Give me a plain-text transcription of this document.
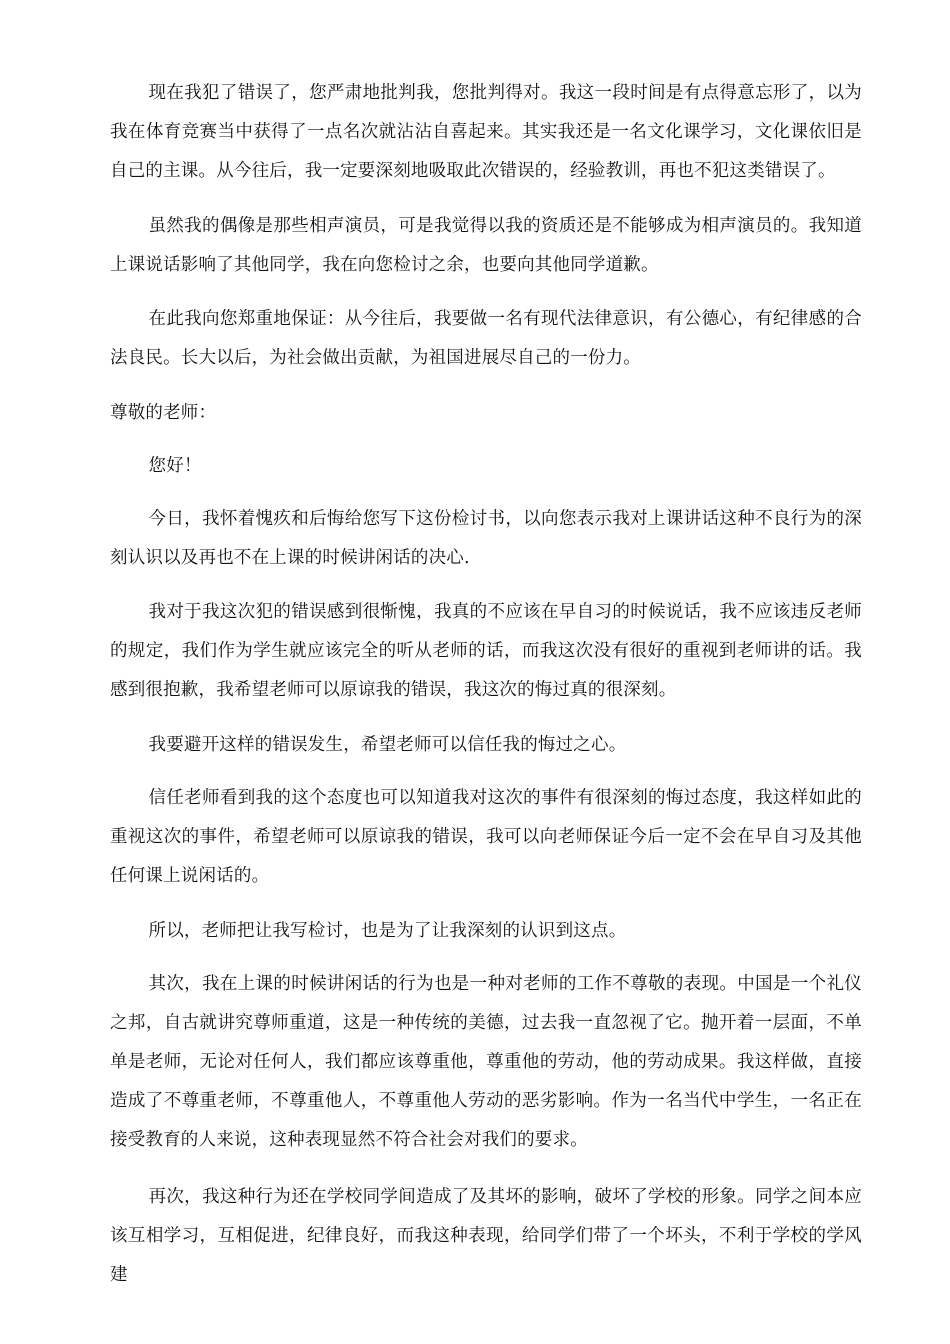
现在我犯了错误了，您严肃地批判我，您批判得对。我这一段时间是有点得意忘形了，以为我在体育竞赛当中获得了一点名次就沾沾自喜起来。其实我还是一名文化课学习，文化课依旧是自己的主课。从今往后，我一定要深刻地吸取此次错误的，经验教训，再也不犯这类错误了。

虽然我的偶像是那些相声演员，可是我觉得以我的资质还是不能够成为相声演员的。我知道上课说话影响了其他同学，我在向您检讨之余，也要向其他同学道歉。

在此我向您郑重地保证：从今往后，我要做一名有现代法律意识，有公德心，有纪律感的合法良民。长大以后，为社会做出贡献，为祖国进展尽自己的一份力。

尊敬的老师：

您好！

今日，我怀着愧疚和后悔给您写下这份检讨书，以向您表示我对上课讲话这种不良行为的深刻认识以及再也不在上课的时候讲闲话的决心.

我对于我这次犯的错误感到很惭愧，我真的不应该在早自习的时候说话，我不应该违反老师的规定，我们作为学生就应该完全的听从老师的话，而我这次没有很好的重视到老师讲的话。我感到很抱歉，我希望老师可以原谅我的错误，我这次的悔过真的很深刻。

我要避开这样的错误发生，希望老师可以信任我的悔过之心。

信任老师看到我的这个态度也可以知道我对这次的事件有很深刻的悔过态度，我这样如此的重视这次的事件，希望老师可以原谅我的错误，我可以向老师保证今后一定不会在早自习及其他任何课上说闲话的。

所以，老师把让我写检讨，也是为了让我深刻的认识到这点。

其次，我在上课的时候讲闲话的行为也是一种对老师的工作不尊敬的表现。中国是一个礼仪之邦，自古就讲究尊师重道，这是一种传统的美德，过去我一直忽视了它。抛开着一层面，不单单是老师，无论对任何人，我们都应该尊重他，尊重他的劳动，他的劳动成果。我这样做，直接造成了不尊重老师，不尊重他人，不尊重他人劳动的恶劣影响。作为一名当代中学生，一名正在接受教育的人来说，这种表现显然不符合社会对我们的要求。

再次，我这种行为还在学校同学间造成了及其坏的影响，破坏了学校的形象。同学之间本应该互相学习，互相促进，纪律良好，而我这种表现，给同学们带了一个坏头，不利于学校的学风建
